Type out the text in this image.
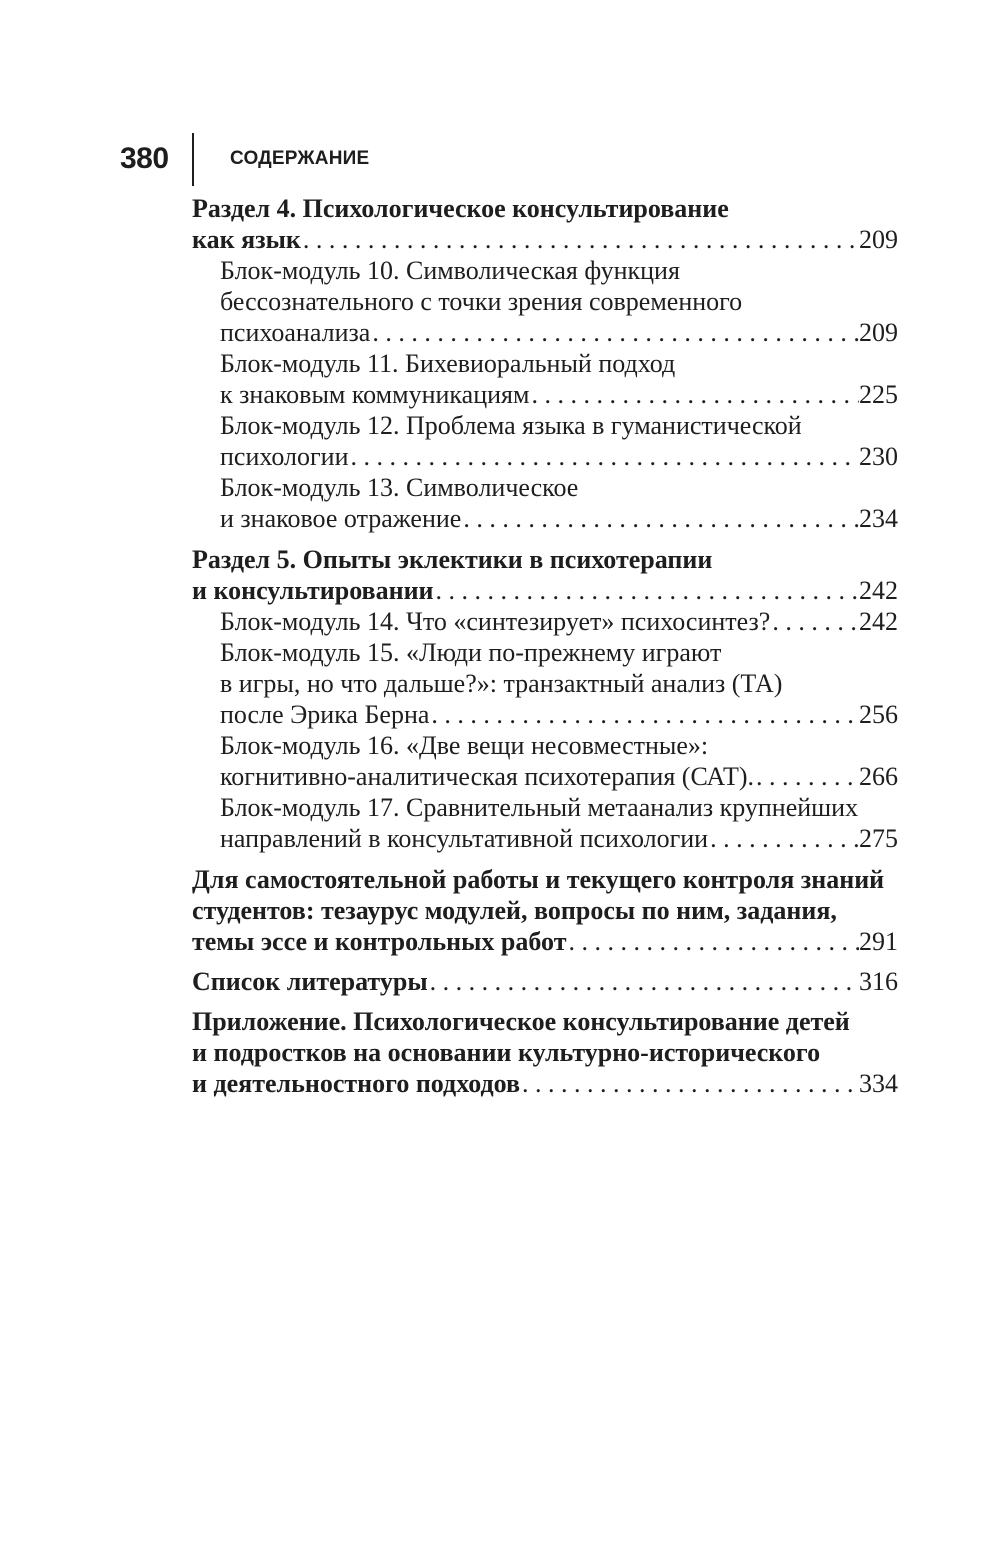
380	СОДЕРЖАНИЕ
Раздел 4. Психологическое консультирование
как язык . . .	209
Блок-модуль 10. Символическая функция
бессознательного с точки зрения современного
психоанализа . . .	209
Блок-модуль 11. Бихевиоральный подход
к знаковым коммуникациям . . .	225
Блок-модуль 12. Проблема языка в гуманистической
психологии . . .	230
Блок-модуль 13. Символическое
и знаковое отражение . . .	234
Раздел 5. Опыты эклектики в психотерапии
и консультировании . . .	242
Блок-модуль 14. Что «синтезирует» психосинтез? . . .	242
Блок-модуль 15. «Люди по-прежнему играют
в игры, но что дальше?»: транзактный анализ (ТА)
после Эрика Берна . . .	256
Блок-модуль 16. «Две вещи несовместные»:
когнитивно-аналитическая психотерапия (САТ). . . .	266
Блок-модуль 17. Сравнительный метаанализ крупнейших
направлений в консультативной психологии . . .	275
Для самостоятельной работы и текущего контроля знаний
студентов: тезаурус модулей, вопросы по ним, задания,
темы эссе и контрольных работ . . .	291
Список литературы . . .	316
Приложение. Психологическое консультирование детей
и подростков на основании культурно-исторического
и деятельностного подходов . . .	334
